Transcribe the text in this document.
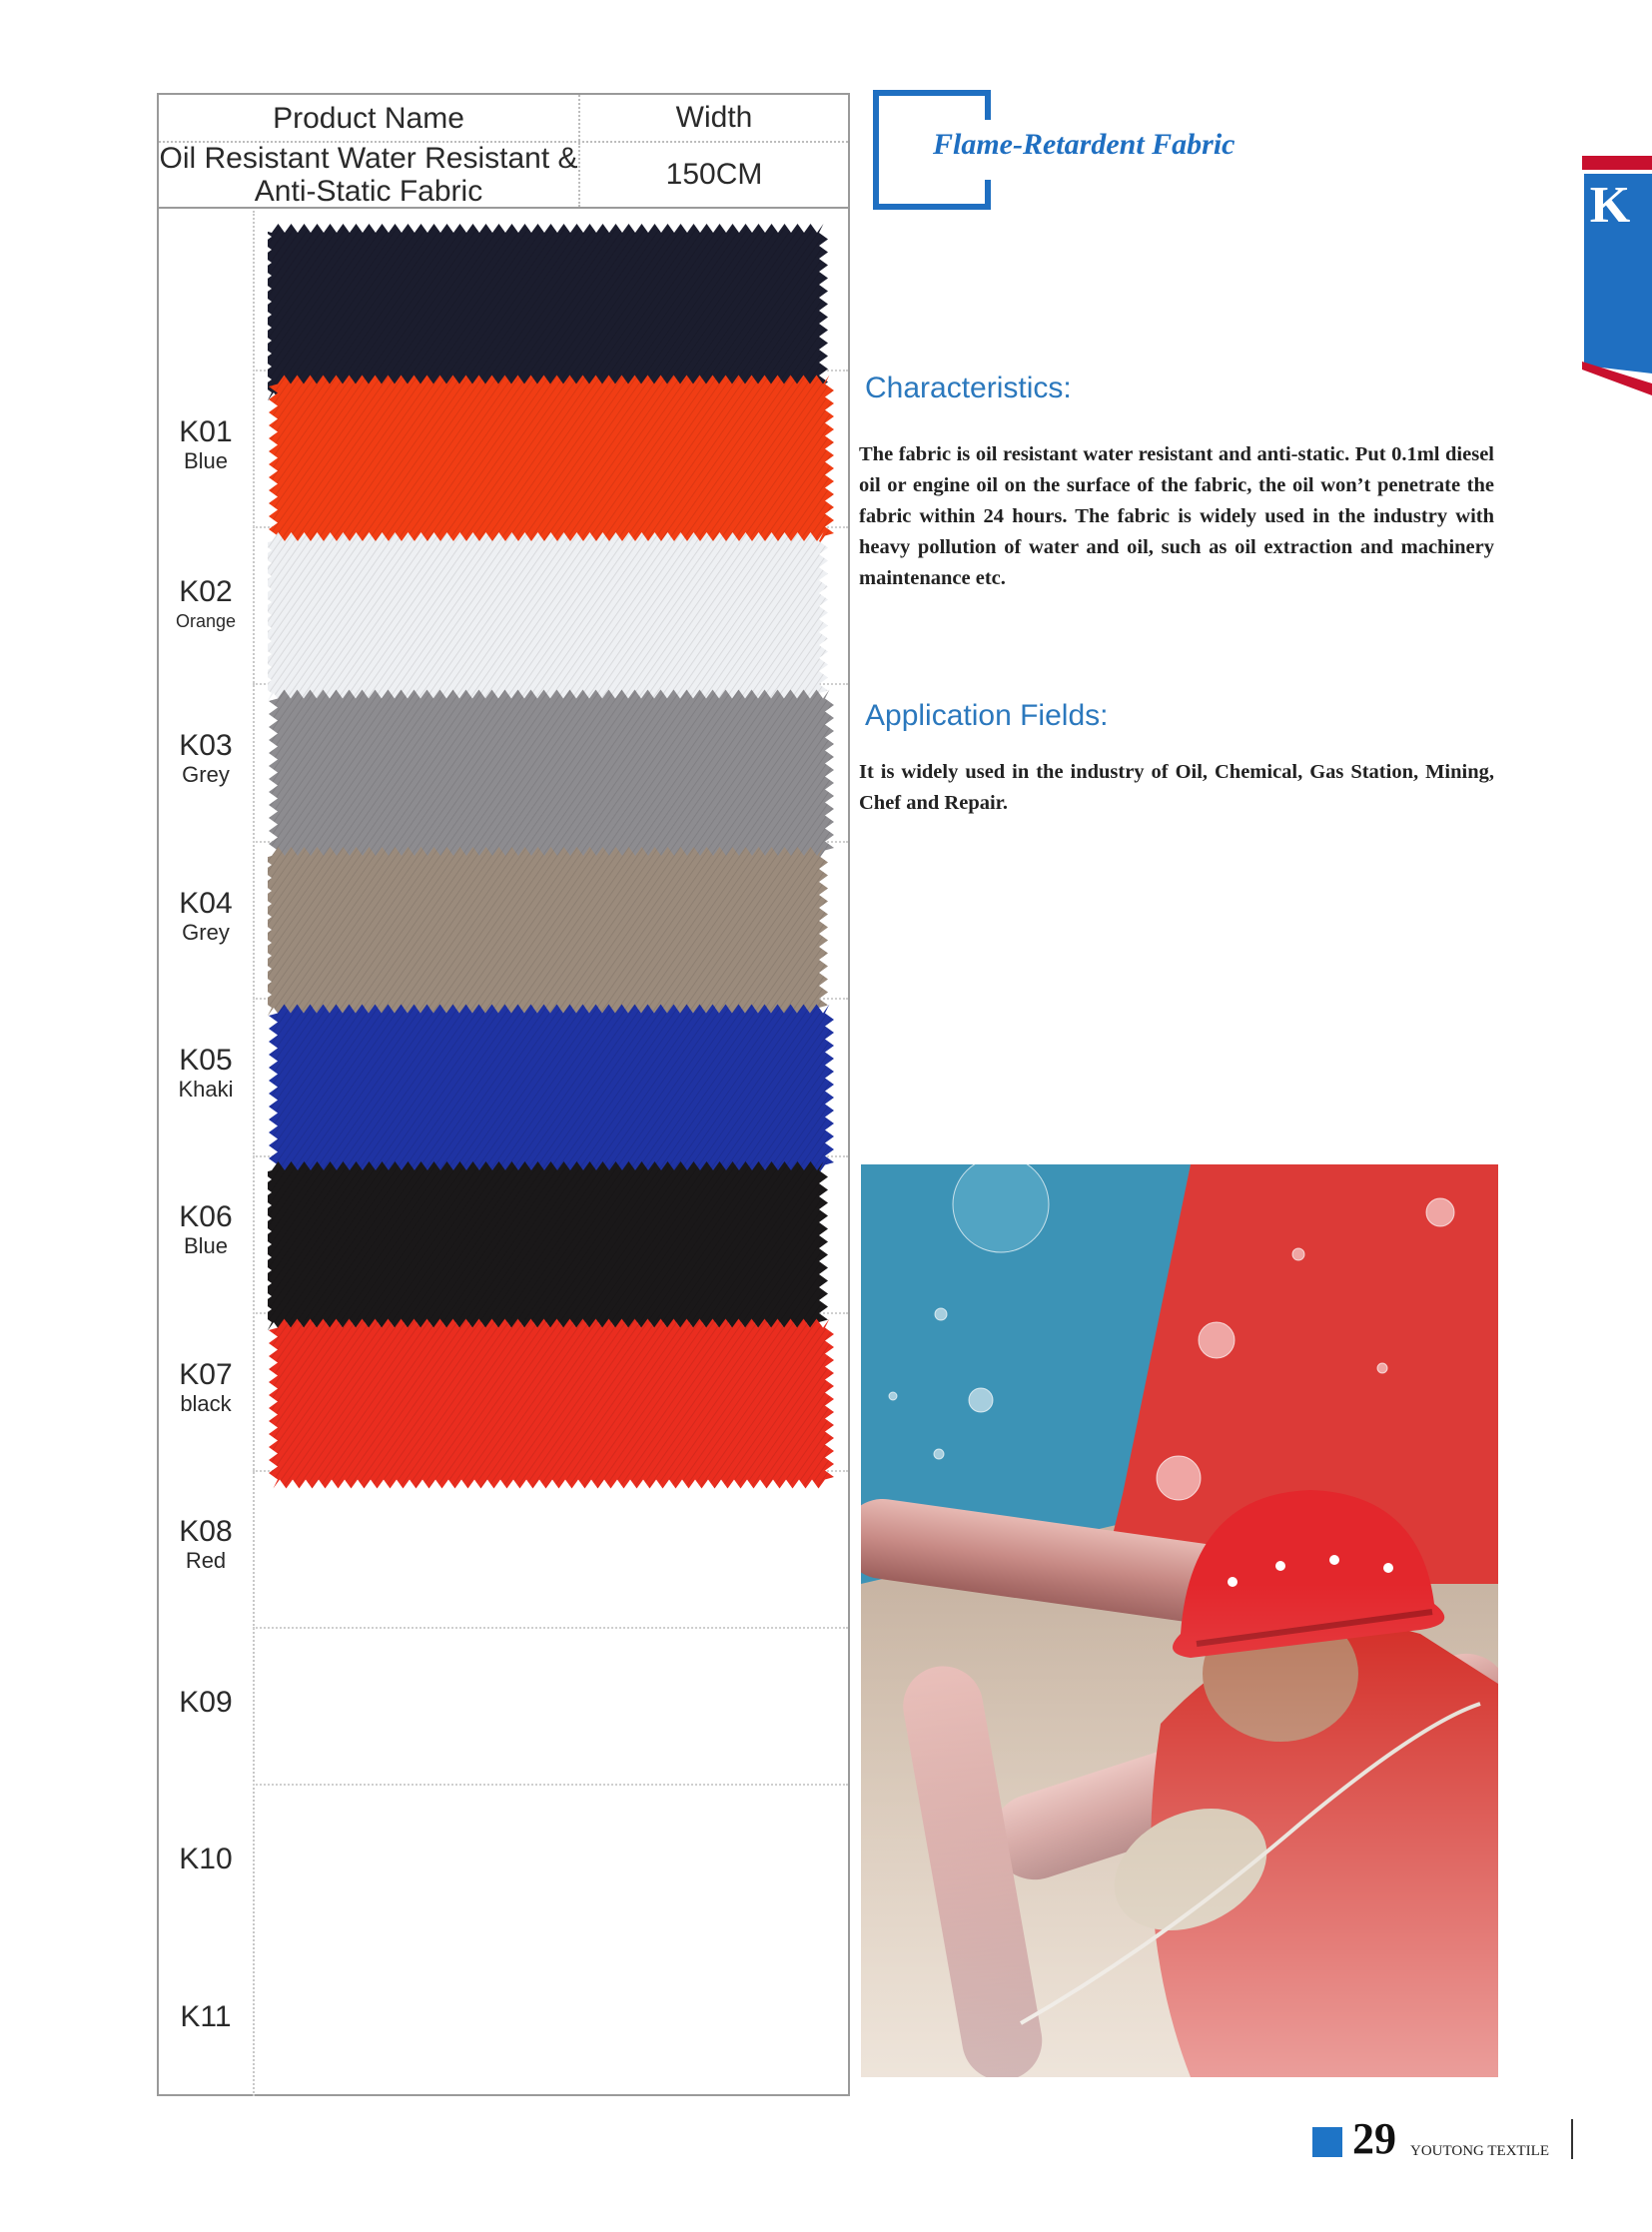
Product Name	Width
Oil Resistant Water Resistant & Anti-Static Fabric
150CM
K01
Blue
K02
Orange
K03
Grey
K04
Grey
K05
Khaki
K06
Blue
K07
black
K08
Red
K09
K10
K11
Flame-Retardent Fabric
K
Characteristics:
The fabric is oil resistant water resistant and anti-static. Put 0.1ml diesel oil or engine oil on the surface of the fabric, the oil won’t penetrate the fabric within 24 hours. The fabric is widely used in the industry with heavy pollution of water and oil, such as oil extraction and machinery maintenance etc.
Application Fields:
It is widely used in the industry of Oil, Chemical, Gas Station, Mining, Chef and Repair.
29 YOUTONG TEXTILE
